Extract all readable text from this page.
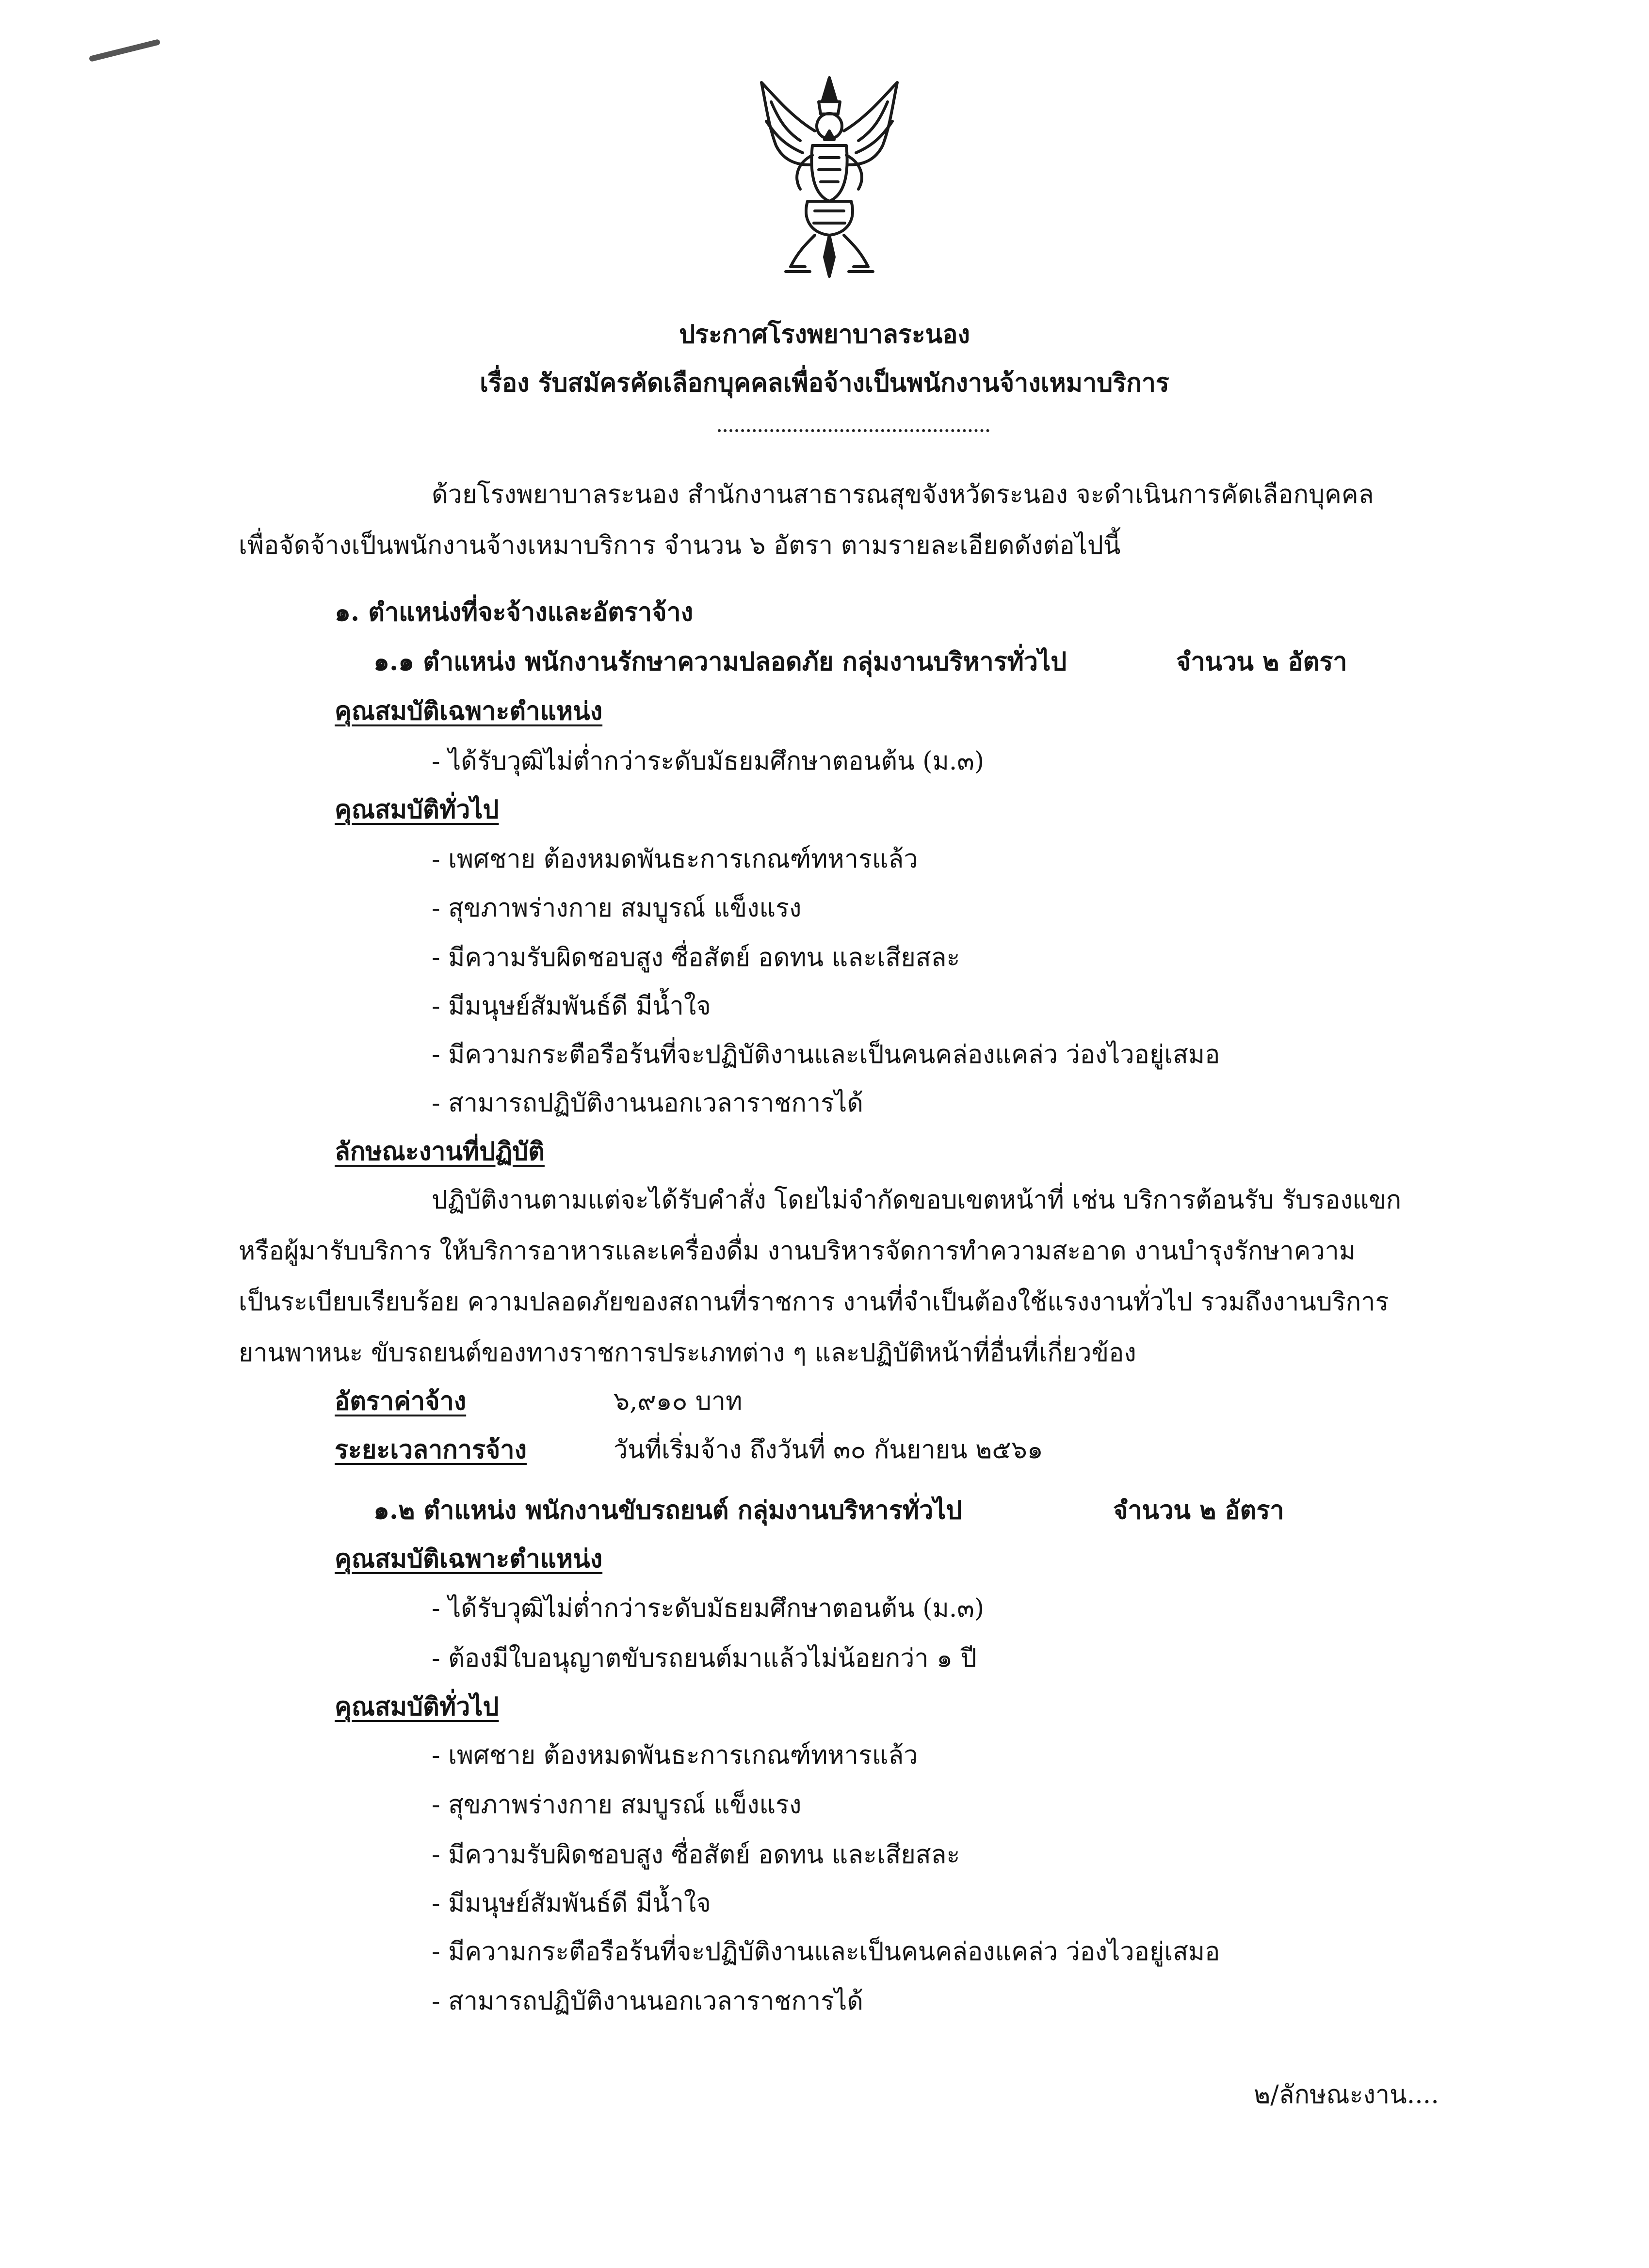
ประกาศโรงพยาบาลระนอง
เรื่อง รับสมัครคัดเลือกบุคคลเพื่อจ้างเป็นพนักงานจ้างเหมาบริการ
ด้วยโรงพยาบาลระนอง สำนักงานสาธารณสุขจังหวัดระนอง จะดำเนินการคัดเลือกบุคคล
เพื่อจัดจ้างเป็นพนักงานจ้างเหมาบริการ จำนวน ๖ อัตรา ตามรายละเอียดดังต่อไปนี้
๑. ตำแหน่งที่จะจ้างและอัตราจ้าง
๑.๑ ตำแหน่ง พนักงานรักษาความปลอดภัย กลุ่มงานบริหารทั่วไป	จำนวน ๒ อัตรา
คุณสมบัติเฉพาะตำแหน่ง
- ได้รับวุฒิไม่ต่ำกว่าระดับมัธยมศึกษาตอนต้น (ม.๓)
คุณสมบัติทั่วไป
- เพศชาย ต้องหมดพันธะการเกณฑ์ทหารแล้ว
- สุขภาพร่างกาย สมบูรณ์ แข็งแรง
- มีความรับผิดชอบสูง ซื่อสัตย์ อดทน และเสียสละ
- มีมนุษย์สัมพันธ์ดี มีน้ำใจ
- มีความกระตือรือร้นที่จะปฏิบัติงานและเป็นคนคล่องแคล่ว ว่องไวอยู่เสมอ
- สามารถปฏิบัติงานนอกเวลาราชการได้
ลักษณะงานที่ปฏิบัติ
ปฏิบัติงานตามแต่จะได้รับคำสั่ง โดยไม่จำกัดขอบเขตหน้าที่ เช่น บริการต้อนรับ รับรองแขก
หรือผู้มารับบริการ ให้บริการอาหารและเครื่องดื่ม งานบริหารจัดการทำความสะอาด งานบำรุงรักษาความ
เป็นระเบียบเรียบร้อย ความปลอดภัยของสถานที่ราชการ งานที่จำเป็นต้องใช้แรงงานทั่วไป รวมถึงงานบริการ
ยานพาหนะ ขับรถยนต์ของทางราชการประเภทต่าง ๆ และปฏิบัติหน้าที่อื่นที่เกี่ยวข้อง
อัตราค่าจ้าง	๖,๙๑๐ บาท
ระยะเวลาการจ้าง	วันที่เริ่มจ้าง ถึงวันที่ ๓๐ กันยายน ๒๕๖๑
๑.๒ ตำแหน่ง พนักงานขับรถยนต์ กลุ่มงานบริหารทั่วไป	จำนวน ๒ อัตรา
คุณสมบัติเฉพาะตำแหน่ง
- ได้รับวุฒิไม่ต่ำกว่าระดับมัธยมศึกษาตอนต้น (ม.๓)
- ต้องมีใบอนุญาตขับรถยนต์มาแล้วไม่น้อยกว่า ๑ ปี
คุณสมบัติทั่วไป
- เพศชาย ต้องหมดพันธะการเกณฑ์ทหารแล้ว
- สุขภาพร่างกาย สมบูรณ์ แข็งแรง
- มีความรับผิดชอบสูง ซื่อสัตย์ อดทน และเสียสละ
- มีมนุษย์สัมพันธ์ดี มีน้ำใจ
- มีความกระตือรือร้นที่จะปฏิบัติงานและเป็นคนคล่องแคล่ว ว่องไวอยู่เสมอ
- สามารถปฏิบัติงานนอกเวลาราชการได้
๒/ลักษณะงาน....
